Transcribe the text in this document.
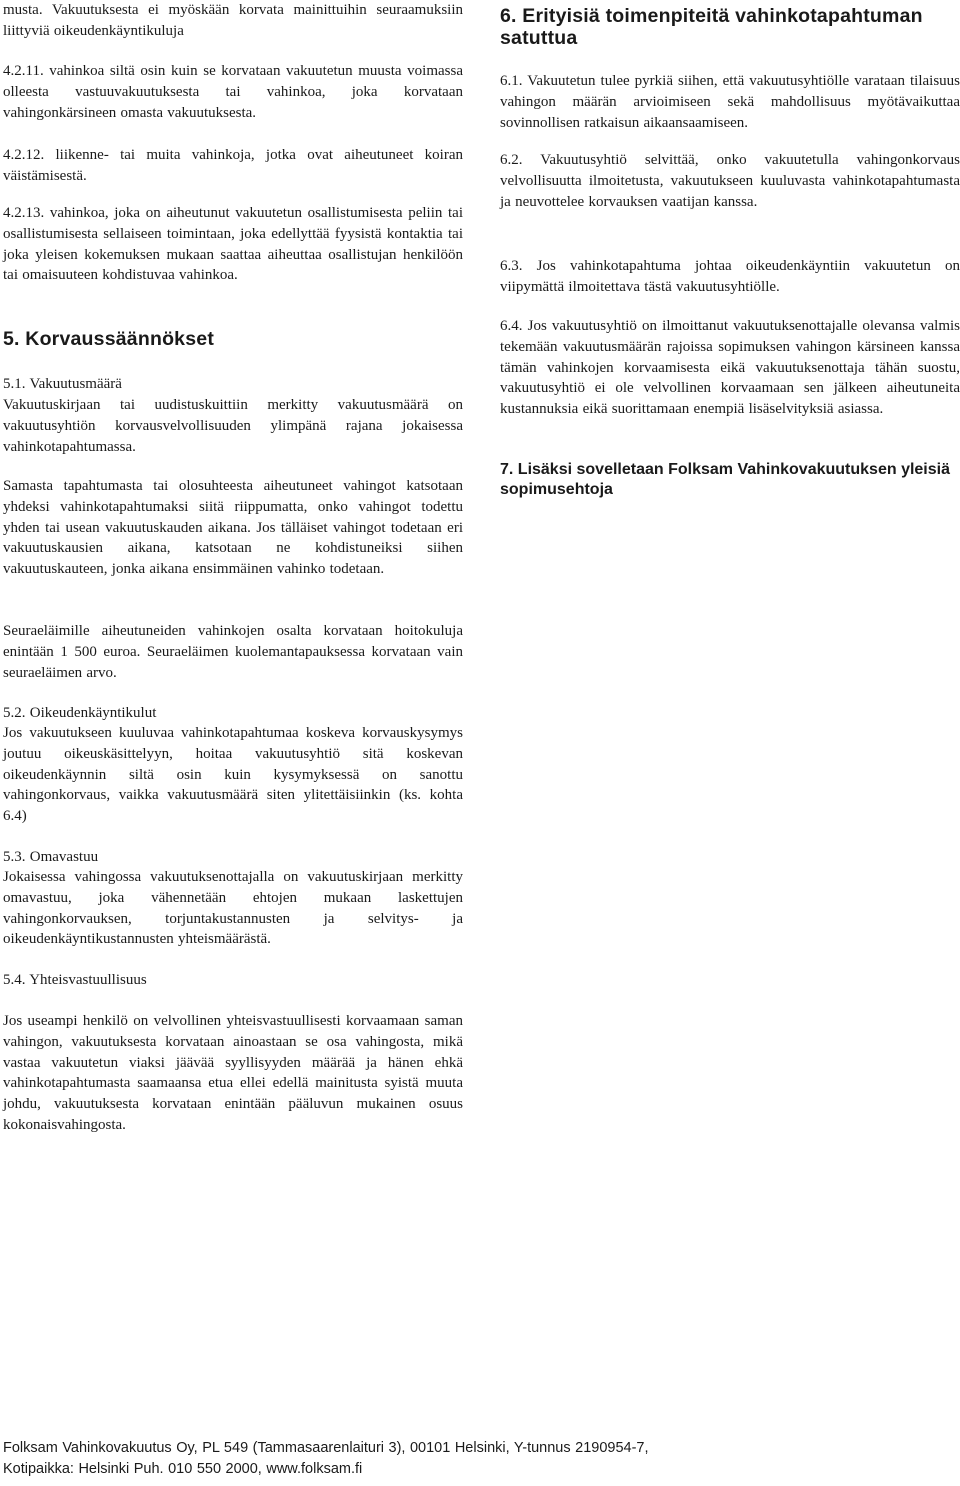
musta. Vakuutuksesta ei myöskään korvata mainittuihin seuraamuksiin liittyviä oikeudenkäyntikuluja

4.2.11. vahinkoa siltä osin kuin se korvataan vakuutetun muusta voimassa olleesta vastuuvakuutuksesta tai vahinkoa, joka korvataan vahingonkärsineen omasta vakuutuksesta.

4.2.12. liikenne- tai muita vahinkoja, jotka ovat aiheutuneet koiran väistämisestä.

4.2.13. vahinkoa, joka on aiheutunut vakuutetun osallistumisesta peliin tai osallistumisesta sellaiseen toimintaan, joka edellyttää fyysistä kontaktia tai joka yleisen kokemuksen mukaan saattaa aiheuttaa osallistujan henkilöön tai omaisuuteen kohdistuvaa vahinkoa.

5. Korvaussäännökset

5.1. Vakuutusmäärä

Vakuutuskirjaan tai uudistuskuittiin merkitty vakuutusmäärä on vakuutusyhtiön korvausvelvollisuuden ylimpänä rajana jokaisessa vahinkotapahtumassa.

Samasta tapahtumasta tai olosuhteesta aiheutuneet vahingot katsotaan yhdeksi vahinkotapahtumaksi siitä riippumatta, onko vahingot todettu yhden tai usean vakuutuskauden aikana. Jos tälläiset vahingot todetaan eri vakuutuskausien aikana, katsotaan ne kohdistuneiksi siihen vakuutuskauteen, jonka aikana ensimmäinen vahinko todetaan.

Seuraeläimille aiheutuneiden vahinkojen osalta korvataan hoitokuluja enintään 1 500 euroa. Seuraeläimen kuolemantapauksessa korvataan vain seuraeläimen arvo.

5.2. Oikeudenkäyntikulut

Jos vakuutukseen kuuluvaa vahinkotapahtumaa koskeva korvauskysymys joutuu oikeuskäsittelyyn, hoitaa vakuutusyhtiö sitä koskevan oikeudenkäynnin siltä osin kuin kysymyksessä on sanottu vahingonkorvaus, vaikka vakuutusmäärä siten ylitettäisiinkin (ks. kohta 6.4)

5.3. Omavastuu

Jokaisessa vahingossa vakuutuksenottajalla on vakuutuskirjaan merkitty omavastuu, joka vähennetään ehtojen mukaan laskettujen vahingonkorvauksen, torjuntakustannusten ja selvitys- ja oikeudenkäyntikustannusten yhteismäärästä.

5.4. Yhteisvastuullisuus

Jos useampi henkilö on velvollinen yhteisvastuullisesti korvaamaan saman vahingon, vakuutuksesta korvataan ainoastaan se osa vahingosta, mikä vastaa vakuutetun viaksi jäävää syyllisyyden määrää ja hänen ehkä vahinkotapahtumasta saamaansa etua ellei edellä mainitusta syistä muuta johdu, vakuutuksesta korvataan enintään pääluvun mukainen osuus kokonaisvahingosta.

6. Erityisiä toimenpiteitä vahinkotapahtuman satuttua

6.1. Vakuutetun tulee pyrkiä siihen, että vakuutusyhtiölle varataan tilaisuus vahingon määrän arvioimiseen sekä mahdollisuus myötävaikuttaa sovinnollisen ratkaisun aikaansaamiseen.

6.2. Vakuutusyhtiö selvittää, onko vakuutetulla vahingonkorvaus velvollisuutta ilmoitetusta, vakuutukseen kuuluvasta vahinkotapahtumasta ja neuvottelee korvauksen vaatijan kanssa.

6.3. Jos vahinkotapahtuma johtaa oikeudenkäyntiin vakuutetun on viipymättä ilmoitettava tästä vakuutusyhtiölle.

6.4. Jos vakuutusyhtiö on ilmoittanut vakuutuksenottajalle olevansa valmis tekemään vakuutusmäärän rajoissa sopimuksen vahingon kärsineen kanssa tämän vahinkojen korvaamisesta eikä vakuutuksenottaja tähän suostu, vakuutusyhtiö ei ole velvollinen korvaamaan sen jälkeen aiheutuneita kustannuksia eikä suorittamaan enempiä lisäselvityksiä asiassa.

7. Lisäksi sovelletaan Folksam Vahinkovakuutuksen yleisiä sopimusehtoja

Folksam Vahinkovakuutus Oy, PL 549 (Tammasaarenlaituri 3), 00101 Helsinki, Y-tunnus 2190954-7,

Kotipaikka: Helsinki Puh. 010 550 2000, www.folksam.fi
